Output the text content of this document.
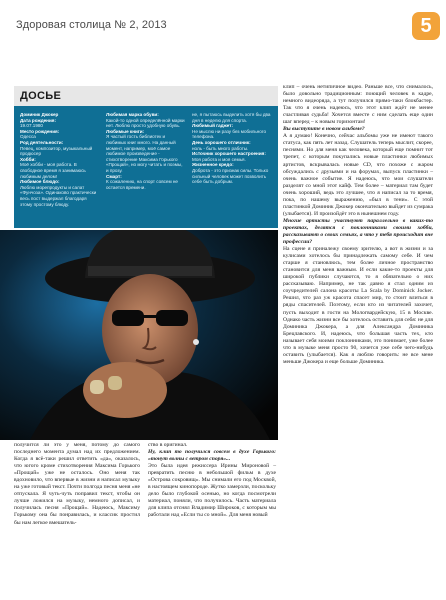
Здоровая столица № 2, 2013	5
ДОСЬЕ

Доминик Джокер

Дата рождения:
19.07.1980

Место рождения:
Одесса

Род деятельности:
Певец, композитор, музыкальный продюсер

Хобби:
Моё хобби - моя работа. В свободное время я занимаюсь любимым делом!

Любимое блюдо:
Люблю морепродукты и салат «Фунчоза». Одинаково практически весь пост выдержал благодаря этому простому блюду.

Любимая марка обуви:
Какой-то одной определённой марки нет. Люблю просто удобную обувь.

Любимые книги:
Я частый гость библиотек и любимых книг много. На данный момент, например, моё самое любимое произведение - стихотворение Максима Горького «Прощай», но могу читать и поэмы, и прозу.

Смарт:
К сожалению, на спорт совсем не остается времени.

не, я пытаюсь выделить хотя бы два дня в неделю для спорта.

Любимый гаджет:
Не мыслю ни разу без мобильного телефона.

День хорошего отличник:
ноль - быть много работы.

Источник хорошего настроения:
Моя работа и моя семья.

Жизненное кредо:
Доброта - это признак силы. Только сильный человек может позволить себе быть добрым.

клип – очень нетипичное видео. Раньше все, что снималось, было довольно традиционным: поющий человек в кадре, немного видеоряда, а тут получился прямо-таки блокбастер. Так что я очень надеюсь, что этот клип ждёт не менее счастливая судьба! Хочется вместе с ним сделать еще один шаг вперед – к новым горизонтам!

Вы выступите в новом альбоме?

А я думаю! Конечно, сейчас альбомы уже не имеют такого статуса, как пять лет назад. Слушатель теперь мыслит, скорее, песнями. Но для меня как человека, который еще помнит тот трепет, с которым покупались новые пластинки любимых артистов, вскрывалась новые CD, что похоже с жаром обсуждались с друзьями и на форумах, выпуск пластинки – очень важное событие. Я надеюсь, что мои слушатели разделят со мной этот кайф. Тем более – материал там будет очень хороший, ведь это лучшее, что я написал за то время, пока, по нашему выражению, «был в тени». С этой пластинкой Доминик Джокер окончательно выйдет из сумрака (улыбается). И произойдёт это в нынешнем году.

Многие артисты участвуют параллельно в каких-то проектах, делятся с поклонниками своими хобби, рассказывают о своих семьях, а что у тебя происходит вне профессии?

На сцене я приналежу своему зрителю, а вот в жизни и за кулисами хотелось бы принадлежать самому себе. И чем старше я становлюсь, тем более личное пространство становится для меня важным. И если какие-то проекты для широкой публики случаются, то я обязательно о них рассказываю. Например, не так давно я стал одним из соучредителей салона красоты La Scala by Dominick Jocker. Решил, что раз уж красота спасет мир, то стоит влиться в ряды спасителей. Поэтому, если кто из читателей захочет, пусть выходит в гости на Мологвардейскую, 15 в Москве. Однако часть жизни все бы хотелось оставить для себя: не для Доминика Джокера, а для Александра Доминика Брецлавского. И, надеюсь, что большая часть тех, кто называет себя моими поклонниками, это понимает, уже более что в музыке меня просто 90, хочется уже себе чего-нибудь оставить (улыбается). Как я люблю говорить: не все мене меньше Джокера и еще больше Доминика.

получится ли это у меня, потому до самого последнего момента думал над их предложением. Когда я всё-таки решил ответить «да», оказалось, что югого кроме стихотворения Максима Горького «Прощай» уже не осталось. Оно меня так вдохновило, что впервые в жизни я написал музыку на уже готовый текст. Почти полгода песня меня «не отпускала. Я чуть-чуть поправил текст, чтобы он лучше ложился на музыку, немного дописал, и получилась песня «Прощай». Надеюсь, Максиму Горькому она бы понравилась, и классик простил бы нам легкое вмешатель-

ство в оригинал.

Ну, клип то получился совсем в духе Горького: «тонут волны с ветром споря»...

Это была идея режиссера Ирины Мироновой – превратить песню в небольшой фильм в духе «Острова сокровищ». Мы снимали его под Москвой, в настоящем кинопороде. Жутко замерзли, поскольку дело было глубокой осенью, но когда посмотрели материал, поняли, что получилось. Часть материала для клипа отснял Владимир Широков, с которым мы работали над «Если ты со мной». Для меня новый
